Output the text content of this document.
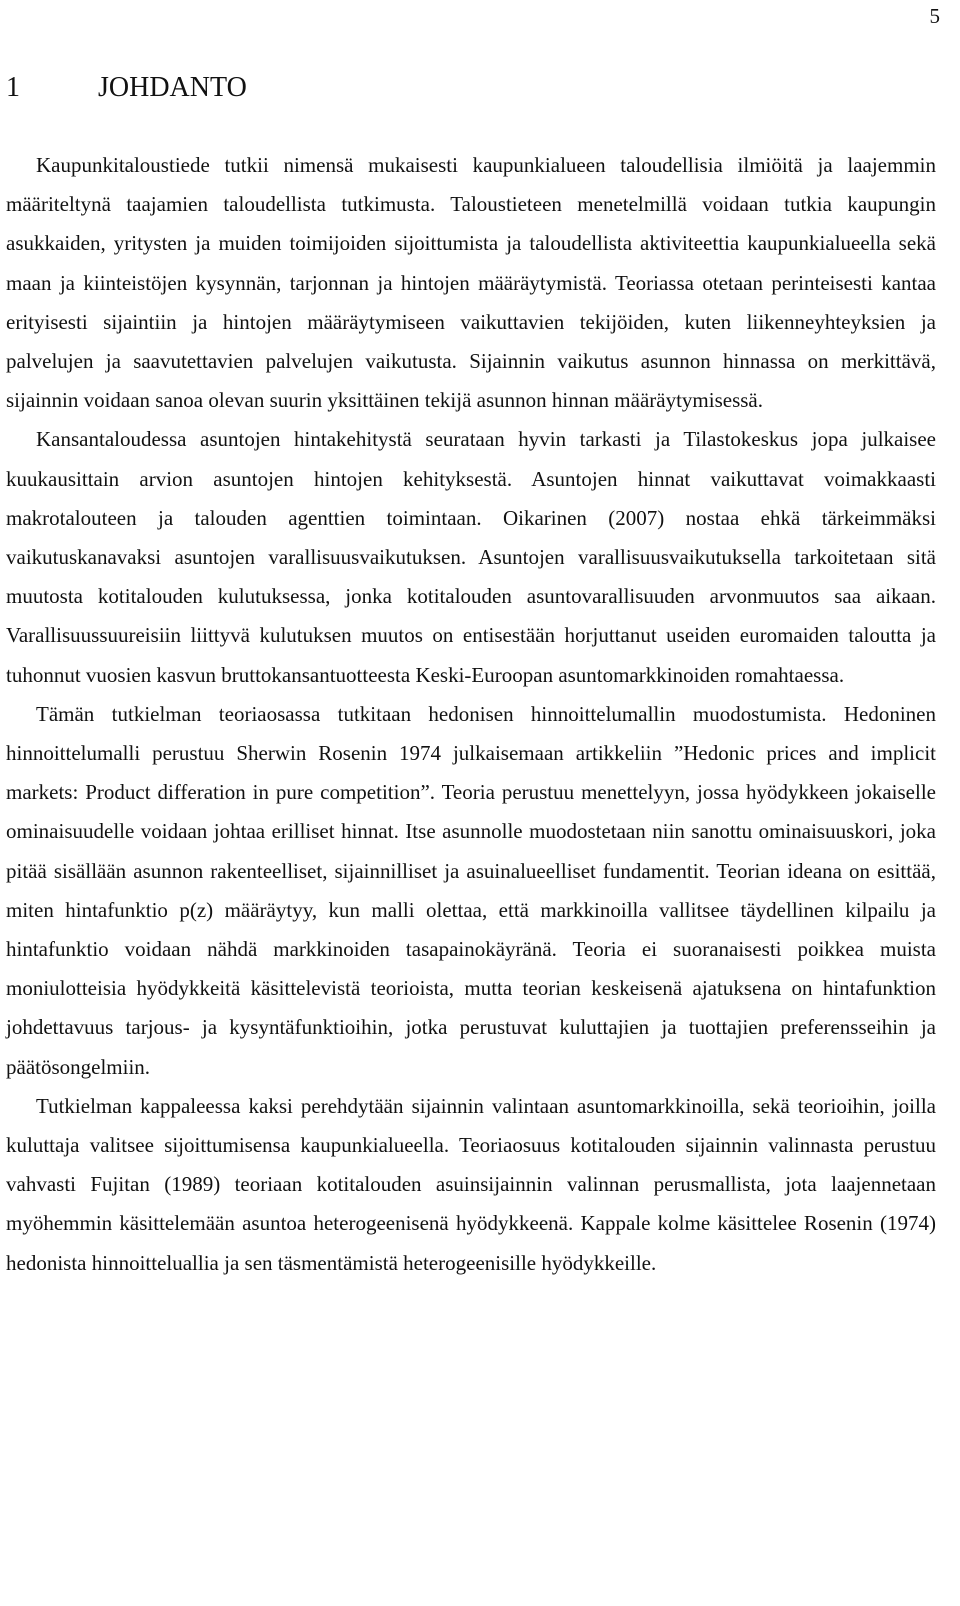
5
1	JOHDANTO

Kaupunkitaloustiede tutkii nimensä mukaisesti kaupunkialueen taloudellisia ilmiöitä ja laajemmin määriteltynä taajamien taloudellista tutkimusta. Taloustieteen menetelmillä voidaan tutkia kaupungin asukkaiden, yritysten ja muiden toimijoiden sijoittumista ja taloudellista aktiviteettia kaupunkialueella sekä maan ja kiinteistöjen kysynnän, tarjonnan ja hintojen määräytymistä. Teoriassa otetaan perinteisesti kantaa erityisesti sijaintiin ja hintojen määräytymiseen vaikuttavien tekijöiden, kuten liikenneyhteyksien ja palvelujen ja saavutettavien palvelujen vaikutusta. Sijainnin vaikutus asunnon hinnassa on merkittävä, sijainnin voidaan sanoa olevan suurin yksittäinen tekijä asunnon hinnan määräytymisessä.

Kansantaloudessa asuntojen hintakehitystä seurataan hyvin tarkasti ja Tilastokeskus jopa julkaisee kuukausittain arvion asuntojen hintojen kehityksestä. Asuntojen hinnat vaikuttavat voimakkaasti makrotalouteen ja talouden agenttien toimintaan. Oikarinen (2007) nostaa ehkä tärkeimmäksi vaikutuskanavaksi asuntojen varallisuusvaikutuksen. Asuntojen varallisuusvaikutuksella tarkoitetaan sitä muutosta kotitalouden kulutuksessa, jonka kotitalouden asuntovarallisuuden arvonmuutos saa aikaan. Varallisuussuureisiin liittyvä kulutuksen muutos on entisestään horjuttanut useiden euromaiden taloutta ja tuhonnut vuosien kasvun bruttokansantuotteesta Keski-Euroopan asuntomarkkinoiden romahtaessa.

Tämän tutkielman teoriaosassa tutkitaan hedonisen hinnoittelumallin muodostumista. Hedoninen hinnoittelumalli perustuu Sherwin Rosenin 1974 julkaisemaan artikkeliin ”Hedonic prices and implicit markets: Product differation in pure competition”. Teoria perustuu menettelyyn, jossa hyödykkeen jokaiselle ominaisuudelle voidaan johtaa erilliset hinnat. Itse asunnolle muodostetaan niin sanottu ominaisuuskori, joka pitää sisällään asunnon rakenteelliset, sijainnilliset ja asuinalueelliset fundamentit. Teorian ideana on esittää, miten hintafunktio p(z) määräytyy, kun malli olettaa, että markkinoilla vallitsee täydellinen kilpailu ja hintafunktio voidaan nähdä markkinoiden tasapainokäyränä. Teoria ei suoranaisesti poikkea muista moniulotteisia hyödykkeitä käsittelevistä teorioista, mutta teorian keskeisenä ajatuksena on hintafunktion johdettavuus tarjous- ja kysyntäfunktioihin, jotka perustuvat kuluttajien ja tuottajien preferensseihin ja päätösongelmiin.

Tutkielman kappaleessa kaksi perehdytään sijainnin valintaan asuntomarkkinoilla, sekä teorioihin, joilla kuluttaja valitsee sijoittumisensa kaupunkialueella. Teoriaosuus kotitalouden sijainnin valinnasta perustuu vahvasti Fujitan (1989) teoriaan kotitalouden asuinsijainnin valinnan perusmallista, jota laajennetaan myöhemmin käsittelemään asuntoa heterogeenisenä hyödykkeenä. Kappale kolme käsittelee Rosenin (1974) hedonista hinnoittelualliа ja sen täsmentämistä heterogeenisille hyödykkeille.
